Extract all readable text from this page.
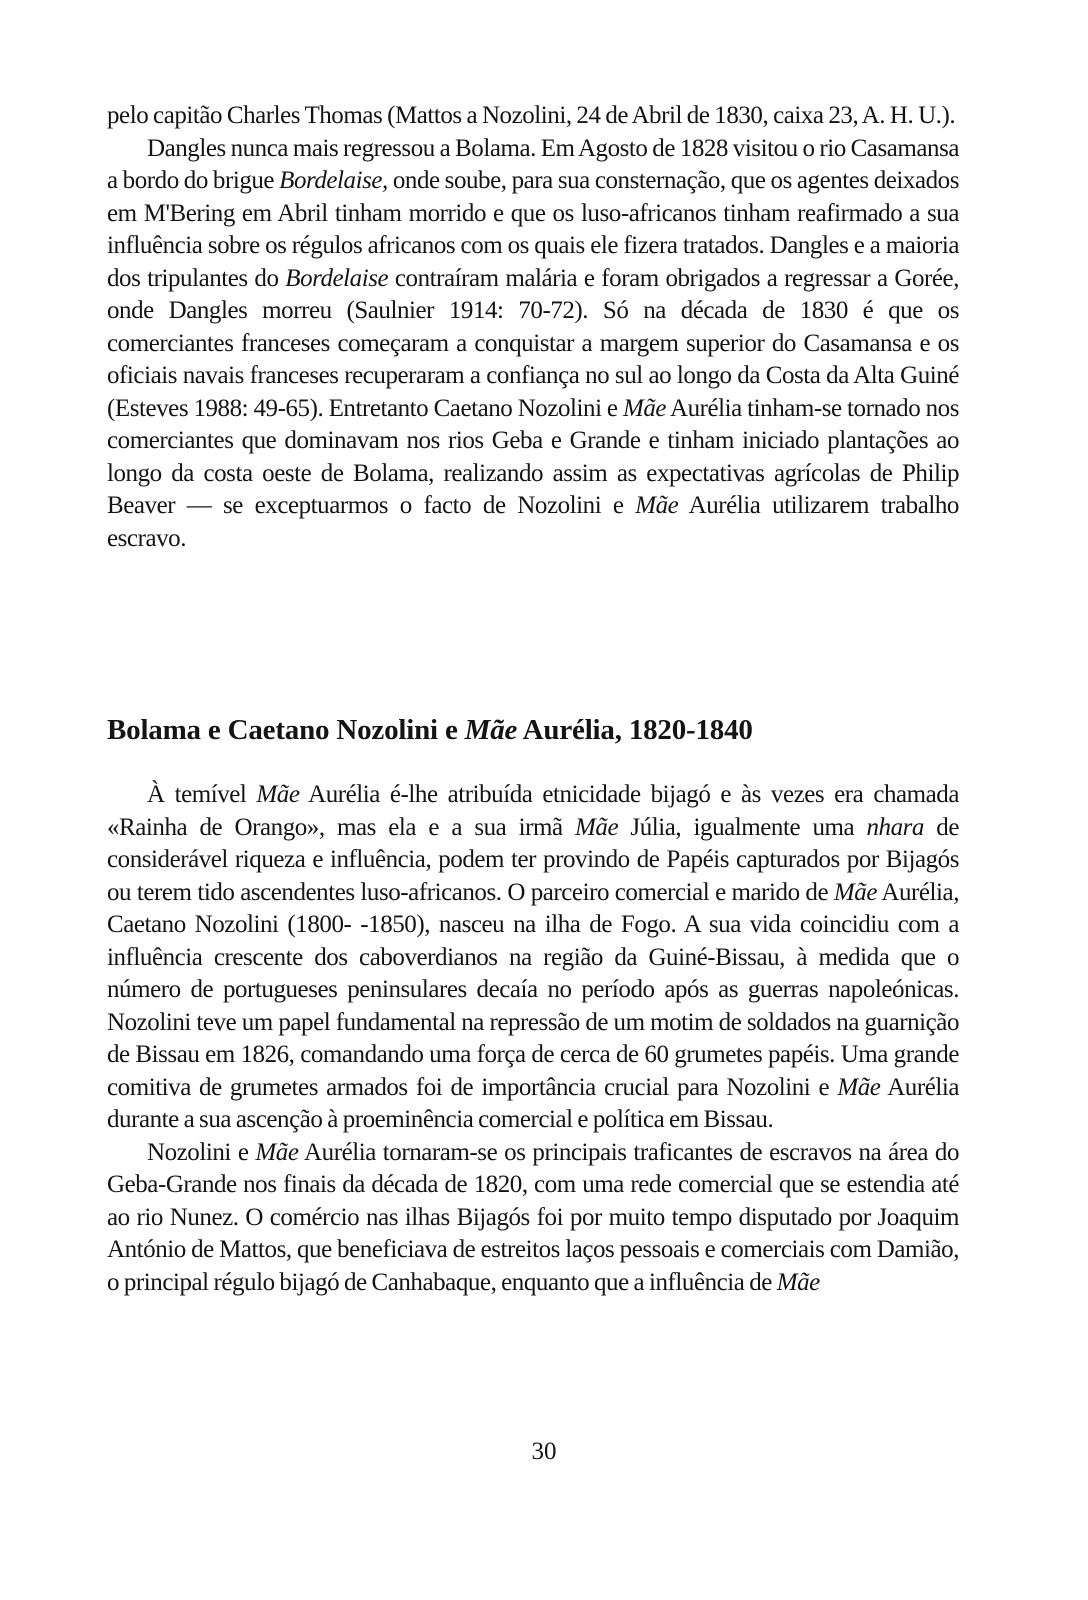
pelo capitão Charles Thomas (Mattos a Nozolini, 24 de Abril de 1830, caixa 23, A. H. U.).

Dangles nunca mais regressou a Bolama. Em Agosto de 1828 visitou o rio Casamansa a bordo do brigue Bordelaise, onde soube, para sua consternação, que os agentes deixados em M'Bering em Abril tinham morrido e que os luso-africanos tinham reafirmado a sua influência sobre os régulos africanos com os quais ele fizera tratados. Dangles e a maioria dos tripulantes do Bordelaise contraíram malária e foram obrigados a regressar a Gorée, onde Dangles morreu (Saulnier 1914: 70-72). Só na década de 1830 é que os comerciantes franceses começaram a conquistar a margem superior do Casamansa e os oficiais navais franceses recuperaram a confiança no sul ao longo da Costa da Alta Guiné (Esteves 1988: 49-65). Entretanto Caetano Nozolini e Mãe Aurélia tinham-se tornado nos comerciantes que dominavam nos rios Geba e Grande e tinham iniciado plantações ao longo da costa oeste de Bolama, realizando assim as expectativas agrícolas de Philip Beaver — se exceptuarmos o facto de Nozolini e Mãe Aurélia utilizarem trabalho escravo.

Bolama e Caetano Nozolini e Mãe Aurélia, 1820-1840

À temível Mãe Aurélia é-lhe atribuída etnicidade bijagó e às vezes era chamada «Rainha de Orango», mas ela e a sua irmã Mãe Júlia, igualmente uma nhara de considerável riqueza e influência, podem ter provindo de Papéis capturados por Bijagós ou terem tido ascendentes luso-africanos. O parceiro comercial e marido de Mãe Aurélia, Caetano Nozolini (1800- -1850), nasceu na ilha de Fogo. A sua vida coincidiu com a influência crescente dos caboverdianos na região da Guiné-Bissau, à medida que o número de portugueses peninsulares decaía no período após as guerras napoleónicas. Nozolini teve um papel fundamental na repressão de um motim de soldados na guarnição de Bissau em 1826, comandando uma força de cerca de 60 grumetes papéis. Uma grande comitiva de grumetes armados foi de importância crucial para Nozolini e Mãe Aurélia durante a sua ascenção à proeminência comercial e política em Bissau.

Nozolini e Mãe Aurélia tornaram-se os principais traficantes de escravos na área do Geba-Grande nos finais da década de 1820, com uma rede comercial que se estendia até ao rio Nunez. O comércio nas ilhas Bijagós foi por muito tempo disputado por Joaquim António de Mattos, que beneficiava de estreitos laços pessoais e comerciais com Damião, o principal régulo bijagó de Canhabaque, enquanto que a influência de Mãe

30
